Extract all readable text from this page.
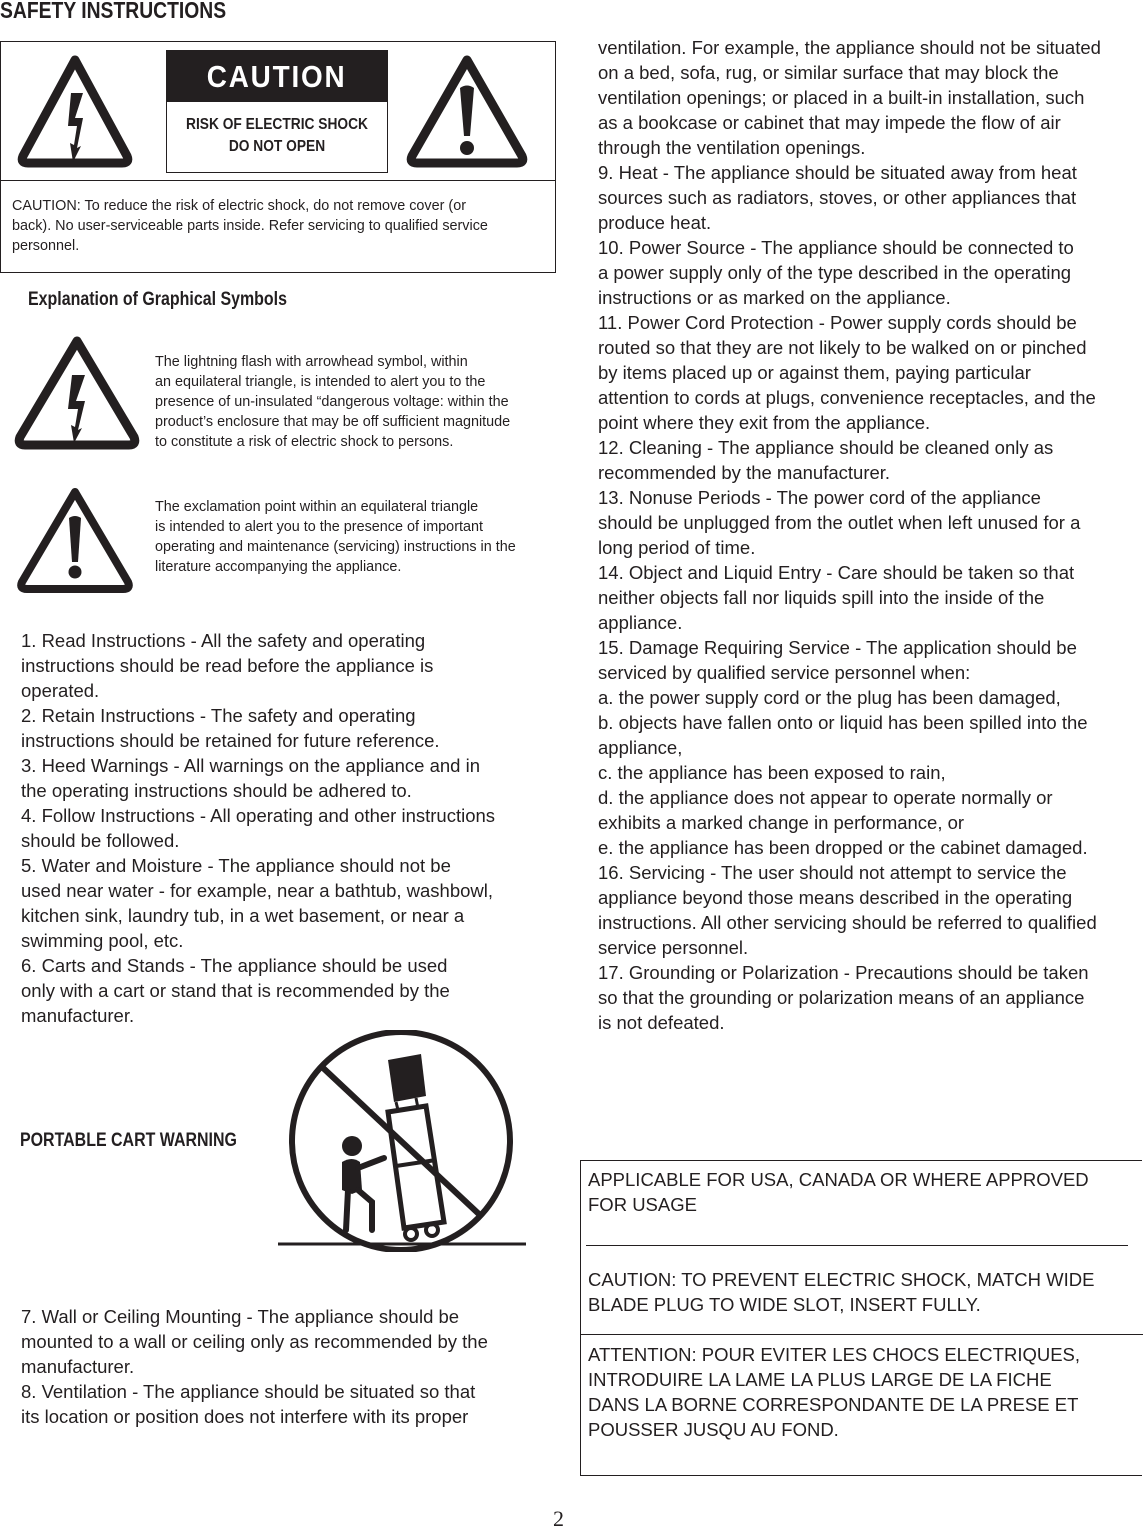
SAFETY INSTRUCTIONS
CAUTION
RISK OF ELECTRIC SHOCK
DO NOT OPEN
CAUTION: To reduce the risk of electric shock, do not remove cover (or
back). No user-serviceable parts inside. Refer servicing to qualified service
personnel.
Explanation of Graphical Symbols
The lightning flash with arrowhead symbol, within
an equilateral triangle, is intended to alert you to the
presence of un-insulated “dangerous voltage: within the
product’s enclosure that may be off sufficient magnitude
to constitute a risk of electric shock to persons.
The exclamation point within an equilateral triangle
is intended to alert you to the presence of important
operating and maintenance (servicing) instructions in the
literature accompanying the appliance.
1. Read Instructions - All the safety and operating
instructions should be read before the appliance is
operated.
2. Retain Instructions - The safety and operating
instructions should be retained for future reference.
3. Heed Warnings - All warnings on the appliance and in
the operating instructions should be adhered to.
4. Follow Instructions - All operating and other instructions
should be followed.
5. Water and Moisture - The appliance should not be
used near water - for example, near a bathtub, washbowl,
kitchen sink, laundry tub, in a wet basement, or near a
swimming pool, etc.
6. Carts and Stands - The appliance should be used
only with a cart or stand that is recommended by the
manufacturer.
PORTABLE CART WARNING
7. Wall or Ceiling Mounting - The appliance should be
mounted to a wall or ceiling only as recommended by the
manufacturer.
8. Ventilation - The appliance should be situated so that
its location or position does not interfere with its proper
ventilation. For example, the appliance should not be situated
on a bed, sofa, rug, or similar surface that may block the
ventilation openings; or placed in a built-in installation, such
as a bookcase or cabinet that may impede the flow of air
through the ventilation openings.
9. Heat - The appliance should be situated away from heat
sources such as radiators, stoves, or other appliances that
produce heat.
10. Power Source - The appliance should be connected to
a power supply only of the type described in the operating
instructions or as marked on the appliance.
11. Power Cord Protection - Power supply cords should be
routed so that they are not likely to be walked on or pinched
by items placed up or against them, paying particular
attention to cords at plugs, convenience receptacles, and the
point where they exit from the appliance.
12. Cleaning - The appliance should be cleaned only as
recommended by the manufacturer.
13. Nonuse Periods - The power cord of the appliance
should be unplugged from the outlet when left unused for a
long period of time.
14. Object and Liquid Entry - Care should be taken so that
neither objects fall nor liquids spill into the inside of the
appliance.
15. Damage Requiring Service - The application should be
serviced by qualified service personnel when:
a. the power supply cord or the plug has been damaged,
b. objects have fallen onto or liquid has been spilled into the
appliance,
c. the appliance has been exposed to rain,
d. the appliance does not appear to operate normally or
exhibits a marked change in performance, or
e. the appliance has been dropped or the cabinet damaged.
16. Servicing - The user should not attempt to service the
appliance beyond those means described in the operating
instructions. All other servicing should be referred to qualified
service personnel.
17. Grounding or Polarization - Precautions should be taken
so that the grounding or polarization means of an appliance
is not defeated.
APPLICABLE FOR USA, CANADA OR WHERE APPROVED
FOR USAGE
CAUTION: TO PREVENT ELECTRIC SHOCK, MATCH WIDE
BLADE PLUG TO WIDE SLOT, INSERT FULLY.
ATTENTION: POUR EVITER LES CHOCS ELECTRIQUES,
INTRODUIRE LA LAME LA PLUS LARGE DE LA FICHE
DANS LA BORNE CORRESPONDANTE DE LA PRESE ET
POUSSER JUSQU AU FOND.
2
